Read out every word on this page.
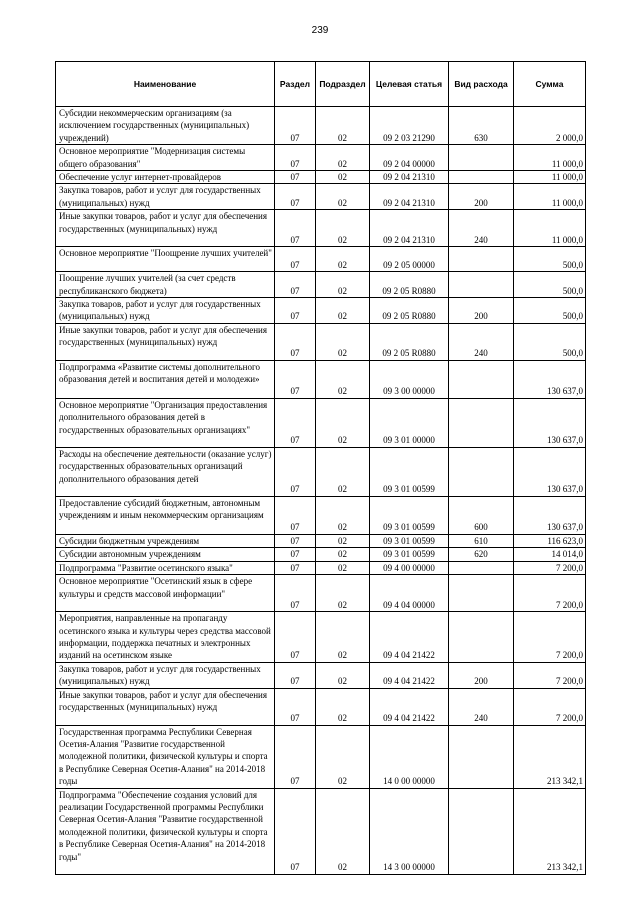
239
Наименование	Раздел	Подраздел	Целевая статья	Вид расхода	Сумма
Субсидии некоммерческим организациям (за исключением государственных (муниципальных) учреждений)	07	02	09 2 03 21290	630	2 000,0
Основное мероприятие "Модернизация системы общего образования"	07	02	09 2 04 00000		11 000,0
Обеспечение услуг интернет-провайдеров	07	02	09 2 04 21310		11 000,0
Закупка товаров, работ и услуг для государственных (муниципальных) нужд	07	02	09 2 04 21310	200	11 000,0
Иные закупки товаров, работ и услуг для обеспечения государственных (муниципальных) нужд	07	02	09 2 04 21310	240	11 000,0
Основное мероприятие "Поощрение лучших учителей"	07	02	09 2 05 00000		500,0
Поощрение лучших учителей (за счет средств республиканского бюджета)	07	02	09 2 05 R0880		500,0
Закупка товаров, работ и услуг для государственных (муниципальных) нужд	07	02	09 2 05 R0880	200	500,0
Иные закупки товаров, работ и услуг для обеспечения государственных (муниципальных) нужд	07	02	09 2 05 R0880	240	500,0
Подпрограмма «Развитие системы дополнительного образования детей и воспитания детей и молодежи»	07	02	09 3 00 00000		130 637,0
Основное мероприятие "Организация предоставления дополнительного образования детей в государственных образовательных организациях"	07	02	09 3 01 00000		130 637,0
Расходы на обеспечение деятельности (оказание услуг) государственных образовательных организаций дополнительного образования детей	07	02	09 3 01 00599		130 637,0
Предоставление субсидий бюджетным, автономным учреждениям и иным некоммерческим организациям	07	02	09 3 01 00599	600	130 637,0
Субсидии бюджетным учреждениям	07	02	09 3 01 00599	610	116 623,0
Субсидии автономным учреждениям	07	02	09 3 01 00599	620	14 014,0
Подпрограмма "Развитие осетинского языка"	07	02	09 4 00 00000		7 200,0
Основное мероприятие "Осетинский язык в сфере культуры и средств массовой информации"	07	02	09 4 04 00000		7 200,0
Мероприятия, направленные на пропаганду осетинского языка и культуры через средства массовой информации, поддержка печатных и электронных изданий на осетинском языке	07	02	09 4 04 21422		7 200,0
Закупка товаров, работ и услуг для государственных (муниципальных) нужд	07	02	09 4 04 21422	200	7 200,0
Иные закупки товаров, работ и услуг для обеспечения государственных (муниципальных) нужд	07	02	09 4 04 21422	240	7 200,0
Государственная программа Республики Северная Осетия-Алания "Развитие государственной молодежной политики, физической культуры и спорта в Республике Северная Осетия-Алания" на 2014-2018 годы	07	02	14 0 00 00000		213 342,1
Подпрограмма "Обеспечение создания условий для реализации Государственной программы Республики Северная Осетия-Алания "Развитие государственной молодежной политики, физической культуры и спорта в Республике Северная Осетия-Алания" на 2014-2018 годы"	07	02	14 3 00 00000		213 342,1
